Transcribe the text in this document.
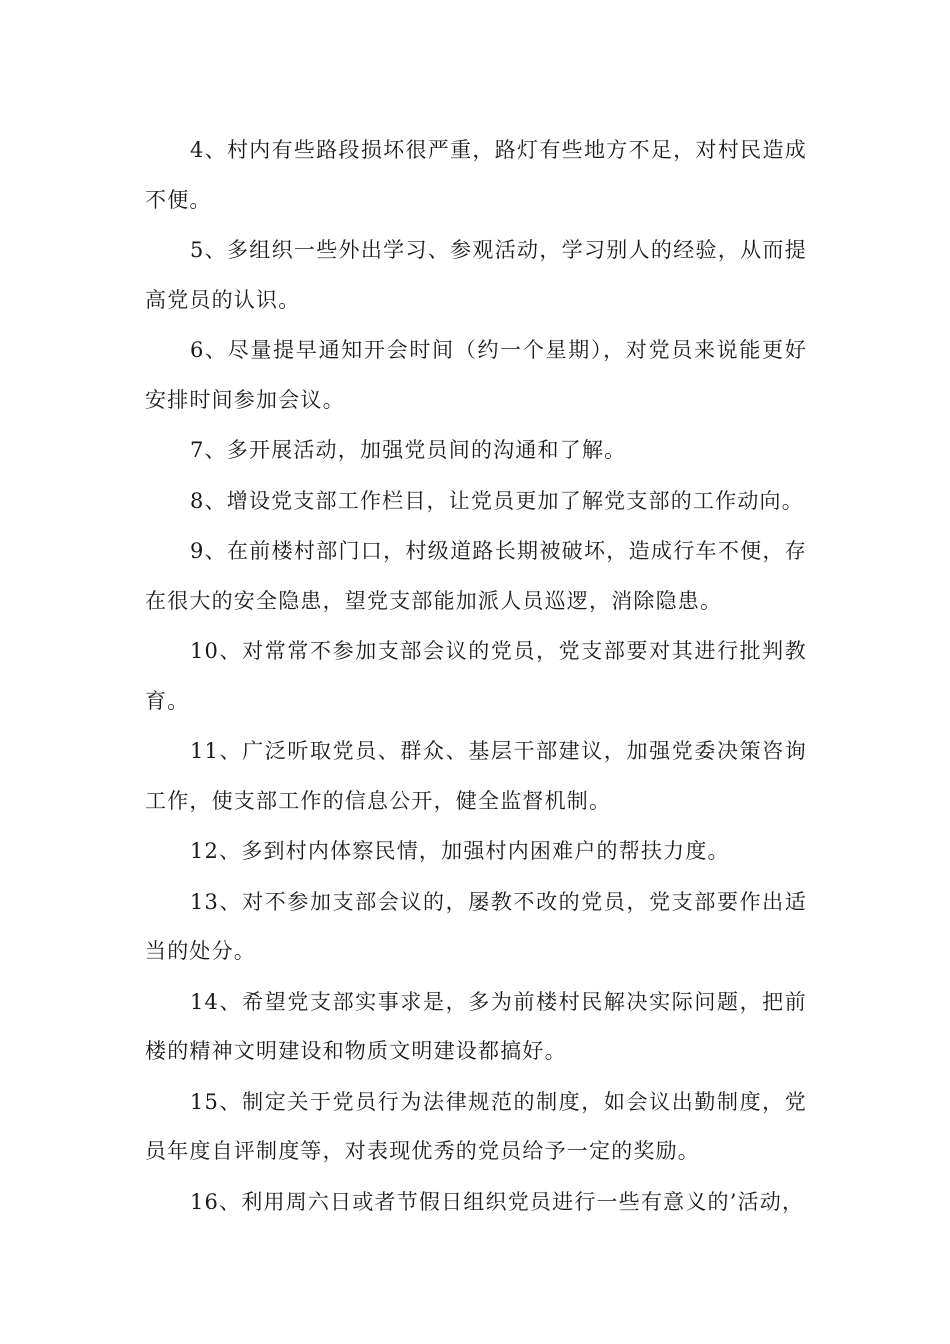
4、村内有些路段损坏很严重，路灯有些地方不足，对村民造成不便。

5、多组织一些外出学习、参观活动，学习别人的经验，从而提高党员的认识。

6、尽量提早通知开会时间（约一个星期），对党员来说能更好安排时间参加会议。

7、多开展活动，加强党员间的沟通和了解。

8、增设党支部工作栏目，让党员更加了解党支部的工作动向。

9、在前楼村部门口，村级道路长期被破坏，造成行车不便，存在很大的安全隐患，望党支部能加派人员巡逻，消除隐患。

10、对常常不参加支部会议的党员，党支部要对其进行批判教育。

11、广泛听取党员、群众、基层干部建议，加强党委决策咨询工作，使支部工作的信息公开，健全监督机制。

12、多到村内体察民情，加强村内困难户的帮扶力度。

13、对不参加支部会议的，屡教不改的党员，党支部要作出适当的处分。

14、希望党支部实事求是，多为前楼村民解决实际问题，把前楼的精神文明建设和物质文明建设都搞好。

15、制定关于党员行为法律规范的制度，如会议出勤制度，党员年度自评制度等，对表现优秀的党员给予一定的奖励。

16、利用周六日或者节假日组织党员进行一些有意义的’活动，
